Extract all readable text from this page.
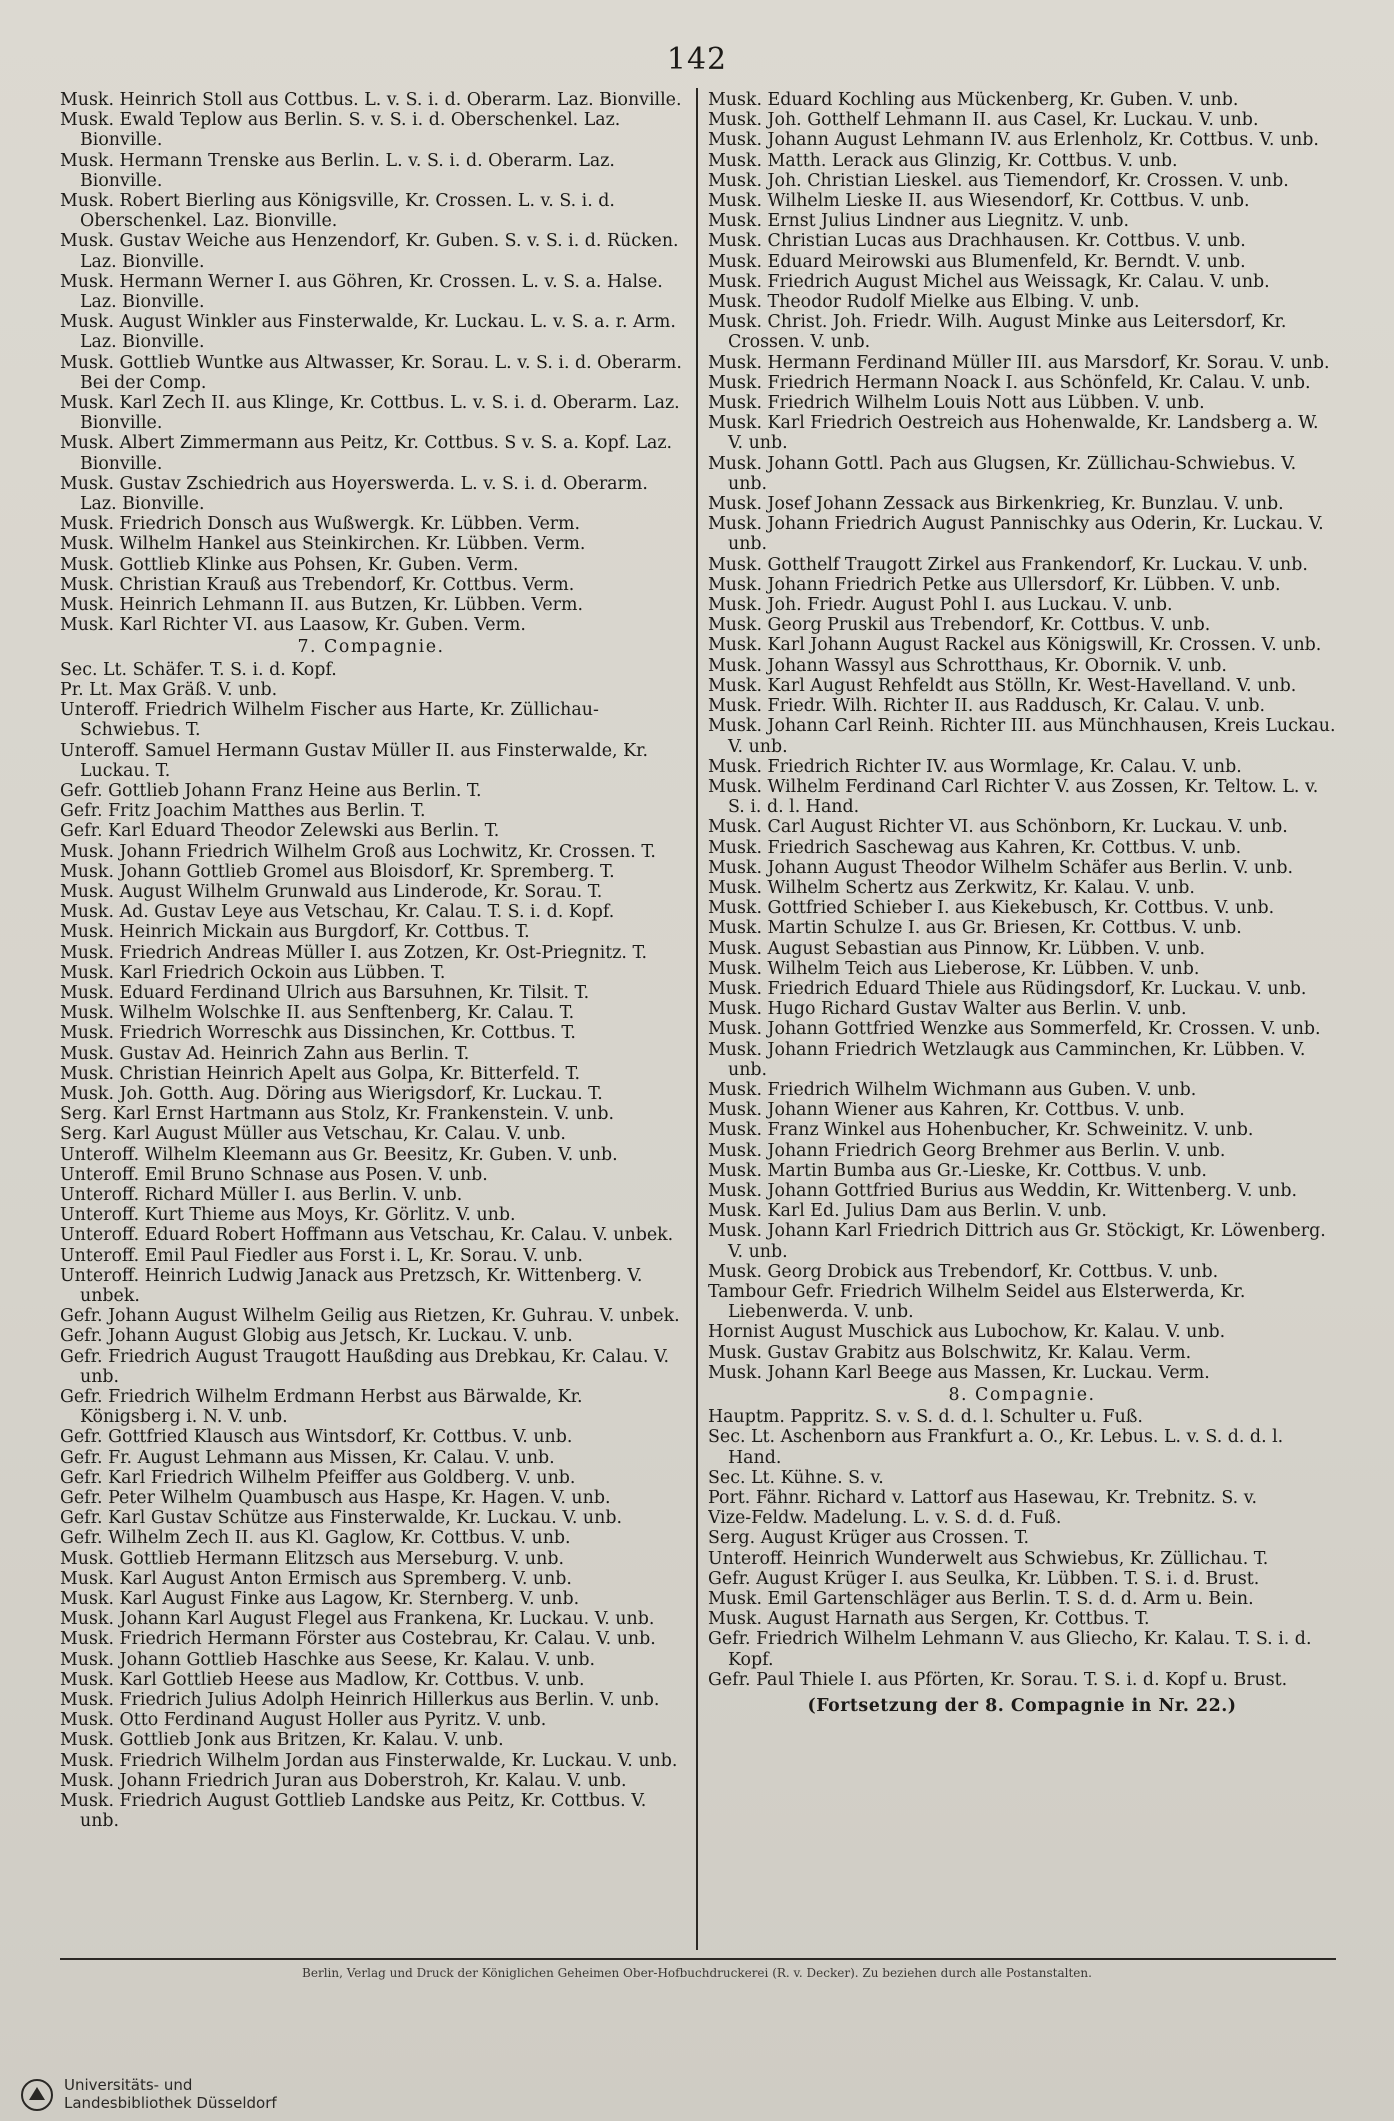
142

Musk. Heinrich Stoll aus Cottbus. L. v. S. i. d. Oberarm. Laz. Bionville.

Musk. Ewald Teplow aus Berlin. S. v. S. i. d. Oberschenkel. Laz. Bionville.

Musk. Hermann Trenske aus Berlin. L. v. S. i. d. Oberarm. Laz. Bionville.

Musk. Robert Bierling aus Königsville, Kr. Crossen. L. v. S. i. d. Oberschenkel. Laz. Bionville.

Musk. Gustav Weiche aus Henzendorf, Kr. Guben. S. v. S. i. d. Rücken. Laz. Bionville.

Musk. Hermann Werner I. aus Göhren, Kr. Crossen. L. v. S. a. Halse. Laz. Bionville.

Musk. August Winkler aus Finsterwalde, Kr. Luckau. L. v. S. a. r. Arm. Laz. Bionville.

Musk. Gottlieb Wuntke aus Altwasser, Kr. Sorau. L. v. S. i. d. Oberarm. Bei der Comp.

Musk. Karl Zech II. aus Klinge, Kr. Cottbus. L. v. S. i. d. Oberarm. Laz. Bionville.

Musk. Albert Zimmermann aus Peitz, Kr. Cottbus. S v. S. a. Kopf. Laz. Bionville.

Musk. Gustav Zschiedrich aus Hoyerswerda. L. v. S. i. d. Oberarm. Laz. Bionville.

Musk. Friedrich Donsch aus Wußwergk. Kr. Lübben. Verm.

Musk. Wilhelm Hankel aus Steinkirchen. Kr. Lübben. Verm.

Musk. Gottlieb Klinke aus Pohsen, Kr. Guben. Verm.

Musk. Christian Krauß aus Trebendorf, Kr. Cottbus. Verm.

Musk. Heinrich Lehmann II. aus Butzen, Kr. Lübben. Verm.

Musk. Karl Richter VI. aus Laasow, Kr. Guben. Verm.

7. Compagnie.

Sec. Lt. Schäfer. T. S. i. d. Kopf.

Pr. Lt. Max Gräß. V. unb.

Unteroff. Friedrich Wilhelm Fischer aus Harte, Kr. Züllichau-Schwiebus. T.

Unteroff. Samuel Hermann Gustav Müller II. aus Finsterwalde, Kr. Luckau. T.

Gefr. Gottlieb Johann Franz Heine aus Berlin. T.

Gefr. Fritz Joachim Matthes aus Berlin. T.

Gefr. Karl Eduard Theodor Zelewski aus Berlin. T.

Musk. Johann Friedrich Wilhelm Groß aus Lochwitz, Kr. Crossen. T.

Musk. Johann Gottlieb Gromel aus Bloisdorf, Kr. Spremberg. T.

Musk. August Wilhelm Grunwald aus Linderode, Kr. Sorau. T.

Musk. Ad. Gustav Leye aus Vetschau, Kr. Calau. T. S. i. d. Kopf.

Musk. Heinrich Mickain aus Burgdorf, Kr. Cottbus. T.

Musk. Friedrich Andreas Müller I. aus Zotzen, Kr. Ost-Priegnitz. T.

Musk. Karl Friedrich Ockoin aus Lübben. T.

Musk. Eduard Ferdinand Ulrich aus Barsuhnen, Kr. Tilsit. T.

Musk. Wilhelm Wolschke II. aus Senftenberg, Kr. Calau. T.

Musk. Friedrich Worreschk aus Dissinchen, Kr. Cottbus. T.

Musk. Gustav Ad. Heinrich Zahn aus Berlin. T.

Musk. Christian Heinrich Apelt aus Golpa, Kr. Bitterfeld. T.

Musk. Joh. Gotth. Aug. Döring aus Wierigsdorf, Kr. Luckau. T.

Serg. Karl Ernst Hartmann aus Stolz, Kr. Frankenstein. V. unb.

Serg. Karl August Müller aus Vetschau, Kr. Calau. V. unb.

Unteroff. Wilhelm Kleemann aus Gr. Beesitz, Kr. Guben. V. unb.

Unteroff. Emil Bruno Schnase aus Posen. V. unb.

Unteroff. Richard Müller I. aus Berlin. V. unb.

Unteroff. Kurt Thieme aus Moys, Kr. Görlitz. V. unb.

Unteroff. Eduard Robert Hoffmann aus Vetschau, Kr. Calau. V. unbek.

Unteroff. Emil Paul Fiedler aus Forst i. L, Kr. Sorau. V. unb.

Unteroff. Heinrich Ludwig Janack aus Pretzsch, Kr. Wittenberg. V. unbek.

Gefr. Johann August Wilhelm Geilig aus Rietzen, Kr. Guhrau. V. unbek.

Gefr. Johann August Globig aus Jetsch, Kr. Luckau. V. unb.

Gefr. Friedrich August Traugott Haußding aus Drebkau, Kr. Calau. V. unb.

Gefr. Friedrich Wilhelm Erdmann Herbst aus Bärwalde, Kr. Königsberg i. N. V. unb.

Gefr. Gottfried Klausch aus Wintsdorf, Kr. Cottbus. V. unb.

Gefr. Fr. August Lehmann aus Missen, Kr. Calau. V. unb.

Gefr. Karl Friedrich Wilhelm Pfeiffer aus Goldberg. V. unb.

Gefr. Peter Wilhelm Quambusch aus Haspe, Kr. Hagen. V. unb.

Gefr. Karl Gustav Schütze aus Finsterwalde, Kr. Luckau. V. unb.

Gefr. Wilhelm Zech II. aus Kl. Gaglow, Kr. Cottbus. V. unb.

Musk. Gottlieb Hermann Elitzsch aus Merseburg. V. unb.

Musk. Karl August Anton Ermisch aus Spremberg. V. unb.

Musk. Karl August Finke aus Lagow, Kr. Sternberg. V. unb.

Musk. Johann Karl August Flegel aus Frankena, Kr. Luckau. V. unb.

Musk. Friedrich Hermann Förster aus Costebrau, Kr. Calau. V. unb.

Musk. Johann Gottlieb Haschke aus Seese, Kr. Kalau. V. unb.

Musk. Karl Gottlieb Heese aus Madlow, Kr. Cottbus. V. unb.

Musk. Friedrich Julius Adolph Heinrich Hillerkus aus Berlin. V. unb.

Musk. Otto Ferdinand August Holler aus Pyritz. V. unb.

Musk. Gottlieb Jonk aus Britzen, Kr. Kalau. V. unb.

Musk. Friedrich Wilhelm Jordan aus Finsterwalde, Kr. Luckau. V. unb.

Musk. Johann Friedrich Juran aus Doberstroh, Kr. Kalau. V. unb.

Musk. Friedrich August Gottlieb Landske aus Peitz, Kr. Cottbus. V. unb.

Musk. Eduard Kochling aus Mückenberg, Kr. Guben. V. unb.

Musk. Joh. Gotthelf Lehmann II. aus Casel, Kr. Luckau. V. unb.

Musk. Johann August Lehmann IV. aus Erlenholz, Kr. Cottbus. V. unb.

Musk. Matth. Lerack aus Glinzig, Kr. Cottbus. V. unb.

Musk. Joh. Christian Lieskel. aus Tiemendorf, Kr. Crossen. V. unb.

Musk. Wilhelm Lieske II. aus Wiesendorf, Kr. Cottbus. V. unb.

Musk. Ernst Julius Lindner aus Liegnitz. V. unb.

Musk. Christian Lucas aus Drachhausen. Kr. Cottbus. V. unb.

Musk. Eduard Meirowski aus Blumenfeld, Kr. Berndt. V. unb.

Musk. Friedrich August Michel aus Weissagk, Kr. Calau. V. unb.

Musk. Theodor Rudolf Mielke aus Elbing. V. unb.

Musk. Christ. Joh. Friedr. Wilh. August Minke aus Leitersdorf, Kr. Crossen. V. unb.

Musk. Hermann Ferdinand Müller III. aus Marsdorf, Kr. Sorau. V. unb.

Musk. Friedrich Hermann Noack I. aus Schönfeld, Kr. Calau. V. unb.

Musk. Friedrich Wilhelm Louis Nott aus Lübben. V. unb.

Musk. Karl Friedrich Oestreich aus Hohenwalde, Kr. Landsberg a. W. V. unb.

Musk. Johann Gottl. Pach aus Glugsen, Kr. Züllichau-Schwiebus. V. unb.

Musk. Josef Johann Zessack aus Birkenkrieg, Kr. Bunzlau. V. unb.

Musk. Johann Friedrich August Pannischky aus Oderin, Kr. Luckau. V. unb.

Musk. Gotthelf Traugott Zirkel aus Frankendorf, Kr. Luckau. V. unb.

Musk. Johann Friedrich Petke aus Ullersdorf, Kr. Lübben. V. unb.

Musk. Joh. Friedr. August Pohl I. aus Luckau. V. unb.

Musk. Georg Pruskil aus Trebendorf, Kr. Cottbus. V. unb.

Musk. Karl Johann August Rackel aus Königswill, Kr. Crossen. V. unb.

Musk. Johann Wassyl aus Schrotthaus, Kr. Obornik. V. unb.

Musk. Karl August Rehfeldt aus Stölln, Kr. West-Havelland. V. unb.

Musk. Friedr. Wilh. Richter II. aus Raddusch, Kr. Calau. V. unb.

Musk. Johann Carl Reinh. Richter III. aus Münchhausen, Kreis Luckau. V. unb.

Musk. Friedrich Richter IV. aus Wormlage, Kr. Calau. V. unb.

Musk. Wilhelm Ferdinand Carl Richter V. aus Zossen, Kr. Teltow. L. v. S. i. d. l. Hand.

Musk. Carl August Richter VI. aus Schönborn, Kr. Luckau. V. unb.

Musk. Friedrich Saschewag aus Kahren, Kr. Cottbus. V. unb.

Musk. Johann August Theodor Wilhelm Schäfer aus Berlin. V. unb.

Musk. Wilhelm Schertz aus Zerkwitz, Kr. Kalau. V. unb.

Musk. Gottfried Schieber I. aus Kiekebusch, Kr. Cottbus. V. unb.

Musk. Martin Schulze I. aus Gr. Briesen, Kr. Cottbus. V. unb.

Musk. August Sebastian aus Pinnow, Kr. Lübben. V. unb.

Musk. Wilhelm Teich aus Lieberose, Kr. Lübben. V. unb.

Musk. Friedrich Eduard Thiele aus Rüdingsdorf, Kr. Luckau. V. unb.

Musk. Hugo Richard Gustav Walter aus Berlin. V. unb.

Musk. Johann Gottfried Wenzke aus Sommerfeld, Kr. Crossen. V. unb.

Musk. Johann Friedrich Wetzlaugk aus Camminchen, Kr. Lübben. V. unb.

Musk. Friedrich Wilhelm Wichmann aus Guben. V. unb.

Musk. Johann Wiener aus Kahren, Kr. Cottbus. V. unb.

Musk. Franz Winkel aus Hohenbucher, Kr. Schweinitz. V. unb.

Musk. Johann Friedrich Georg Brehmer aus Berlin. V. unb.

Musk. Martin Bumba aus Gr.-Lieske, Kr. Cottbus. V. unb.

Musk. Johann Gottfried Burius aus Weddin, Kr. Wittenberg. V. unb.

Musk. Karl Ed. Julius Dam aus Berlin. V. unb.

Musk. Johann Karl Friedrich Dittrich aus Gr. Stöckigt, Kr. Löwenberg. V. unb.

Musk. Georg Drobick aus Trebendorf, Kr. Cottbus. V. unb.

Tambour Gefr. Friedrich Wilhelm Seidel aus Elsterwerda, Kr. Liebenwerda. V. unb.

Hornist August Muschick aus Lubochow, Kr. Kalau. V. unb.

Musk. Gustav Grabitz aus Bolschwitz, Kr. Kalau. Verm.

Musk. Johann Karl Beege aus Massen, Kr. Luckau. Verm.

8. Compagnie.

Hauptm. Pappritz. S. v. S. d. d. l. Schulter u. Fuß.

Sec. Lt. Aschenborn aus Frankfurt a. O., Kr. Lebus. L. v. S. d. d. l. Hand.

Sec. Lt. Kühne. S. v.

Port. Fähnr. Richard v. Lattorf aus Hasewau, Kr. Trebnitz. S. v.

Vize-Feldw. Madelung. L. v. S. d. d. Fuß.

Serg. August Krüger aus Crossen. T.

Unteroff. Heinrich Wunderwelt aus Schwiebus, Kr. Züllichau. T.

Gefr. August Krüger I. aus Seulka, Kr. Lübben. T. S. i. d. Brust.

Musk. Emil Gartenschläger aus Berlin. T. S. d. d. Arm u. Bein.

Musk. August Harnath aus Sergen, Kr. Cottbus. T.

Gefr. Friedrich Wilhelm Lehmann V. aus Gliecho, Kr. Kalau. T. S. i. d. Kopf.

Gefr. Paul Thiele I. aus Pförten, Kr. Sorau. T. S. i. d. Kopf u. Brust.

(Fortsetzung der 8. Compagnie in Nr. 22.)

Berlin, Verlag und Druck der Königlichen Geheimen Ober-Hofbuchdruckerei (R. v. Decker). Zu beziehen durch alle Postanstalten.
Universitäts- und
Landesbibliothek Düsseldorf
